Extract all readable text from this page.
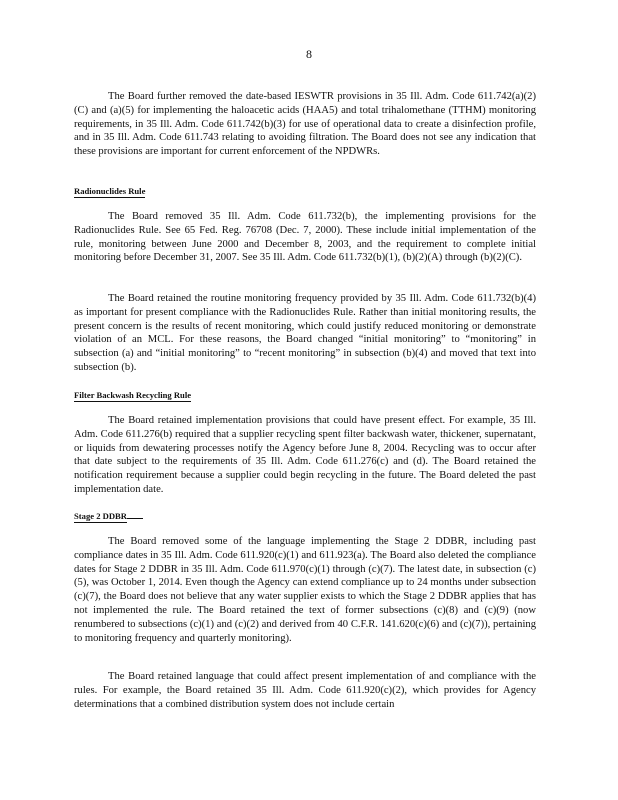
8

The Board further removed the date-based IESWTR provisions in 35 Ill. Adm. Code 611.742(a)(2)(C) and (a)(5) for implementing the haloacetic acids (HAA5) and total trihalomethane (TTHM) monitoring requirements, in 35 Ill. Adm. Code 611.742(b)(3) for use of operational data to create a disinfection profile, and in 35 Ill. Adm. Code 611.743 relating to avoiding filtration. The Board does not see any indication that these provisions are important for current enforcement of the NPDWRs.

Radionuclides Rule

The Board removed 35 Ill. Adm. Code 611.732(b), the implementing provisions for the Radionuclides Rule. See 65 Fed. Reg. 76708 (Dec. 7, 2000). These include initial implementation of the rule, monitoring between June 2000 and December 8, 2003, and the requirement to complete initial monitoring before December 31, 2007. See 35 Ill. Adm. Code 611.732(b)(1), (b)(2)(A) through (b)(2)(C).

The Board retained the routine monitoring frequency provided by 35 Ill. Adm. Code 611.732(b)(4) as important for present compliance with the Radionuclides Rule. Rather than initial monitoring results, the present concern is the results of recent monitoring, which could justify reduced monitoring or demonstrate violation of an MCL. For these reasons, the Board changed “initial monitoring” to “monitoring” in subsection (a) and “initial monitoring” to “recent monitoring” in subsection (b)(4) and moved that text into subsection (b).

Filter Backwash Recycling Rule

The Board retained implementation provisions that could have present effect. For example, 35 Ill. Adm. Code 611.276(b) required that a supplier recycling spent filter backwash water, thickener, supernatant, or liquids from dewatering processes notify the Agency before June 8, 2004. Recycling was to occur after that date subject to the requirements of 35 Ill. Adm. Code 611.276(c) and (d). The Board retained the notification requirement because a supplier could begin recycling in the future. The Board deleted the past implementation date.

Stage 2 DDBR

The Board removed some of the language implementing the Stage 2 DDBR, including past compliance dates in 35 Ill. Adm. Code 611.920(c)(1) and 611.923(a). The Board also deleted the compliance dates for Stage 2 DDBR in 35 Ill. Adm. Code 611.970(c)(1) through (c)(7). The latest date, in subsection (c)(5), was October 1, 2014. Even though the Agency can extend compliance up to 24 months under subsection (c)(7), the Board does not believe that any water supplier exists to which the Stage 2 DDBR applies that has not implemented the rule. The Board retained the text of former subsections (c)(8) and (c)(9) (now renumbered to subsections (c)(1) and (c)(2) and derived from 40 C.F.R. 141.620(c)(6) and (c)(7)), pertaining to monitoring frequency and quarterly monitoring).

The Board retained language that could affect present implementation of and compliance with the rules. For example, the Board retained 35 Ill. Adm. Code 611.920(c)(2), which provides for Agency determinations that a combined distribution system does not include certain
